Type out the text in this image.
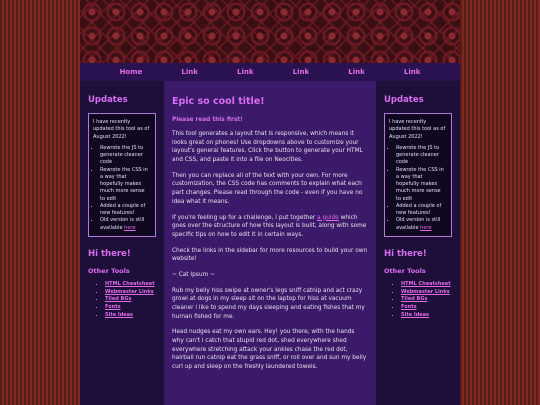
Home	Link	Link	Link	Link	Link
Updates
I have recently updated this tool as of August 2022!
• Rewrote the JS to generate cleaner code
• Rewrote the CSS in a way that hopefully makes much more sense to edit
• Added a couple of new features!
• Old version is still available here
Hi there!
Other Tools
▪ HTML Cheatsheet
▪ Webmaster Links
▪ Tiled BGs
▪ Fonts
▪ Site Ideas
Epic so cool title!
Please read this first!

This tool generates a layout that is responsive, which means it looks great on phones! Use dropdowns above to customize your layout's general features. Click the button to generate your HTML and CSS, and paste it into a file on Neocities.

Then you can replace all of the text with your own. For more customization, the CSS code has comments to explain what each part changes. Please read through the code - even if you have no idea what it means.

If you're feeling up for a challenge, I put together a guide which goes over the structure of how this layout is built, along with some specific tips on how to edit it in certain ways.

Check the links in the sidebar for more resources to build your own website!

~ Cat Ipsum ~

Rub my belly hiss swipe at owner's legs sniff catnip and act crazy growl at dogs in my sleep sit on the laptop for hiss at vacuum cleaner i like to spend my days sleeping and eating fishes that my human fished for me.

Head nudges eat my own ears. Hey! you there, with the hands why can't i catch that stupid red dot, shed everywhere shed everywhere stretching attack your ankles chase the red dot, hairball run catnip eat the grass sniff, or roll over and sun my belly curl up and sleep on the freshly laundered towels.

Updates
I have recently updated this tool as of August 2022!
• Rewrote the JS to generate cleaner code
• Rewrote the CSS in a way that hopefully makes much more sense to edit
• Added a couple of new features!
• Old version is still available here
Hi there!
Other Tools
▪ HTML Cheatsheet
▪ Webmaster Links
▪ Tiled BGs
▪ Fonts
▪ Site Ideas
